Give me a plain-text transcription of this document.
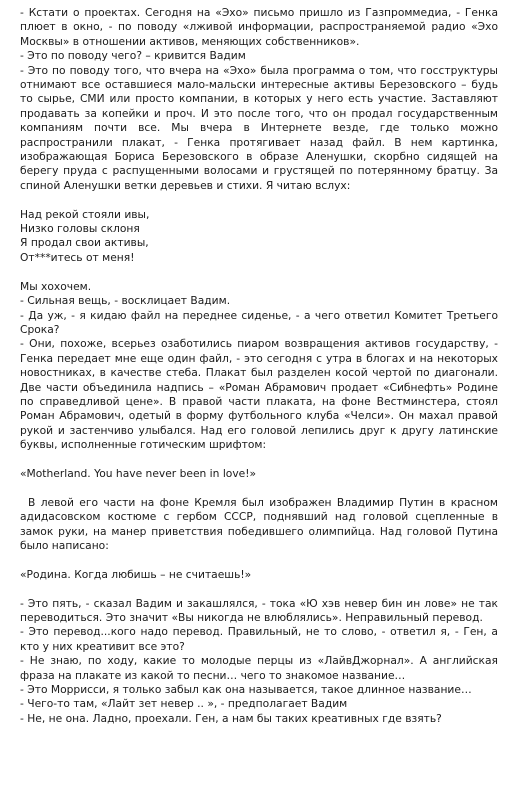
- Кстати о проектах. Сегодня на «Эхо» письмо пришло из Газпроммедиа, - Генка плюет в окно, - по поводу «лживой информации, распространяемой радио «Эхо Москвы» в отношении активов, меняющих собственников».

- Это по поводу чего? – кривится Вадим

- Это по поводу того, что вчера на «Эхо» была программа о том, что госструктуры отнимают все оставшиеся мало-мальски интересные активы Березовского – будь то сырье, СМИ или просто компании, в которых у него есть участие. Заставляют продавать за копейки и проч. И это после того, что он продал государственным компаниям почти все. Мы вчера в Интернете везде, где только можно распространили плакат, - Генка протягивает назад файл. В нем картинка, изображающая Бориса Березовского в образе Аленушки, скорбно сидящей на берегу пруда с распущенными волосами и грустящей по потерянному братцу. За спиной Аленушки ветки деревьев и стихи. Я читаю вслух:

Над рекой стояли ивы,

Низко головы склоня

Я продал свои активы,

От***итесь от меня!

Мы хохочем.

- Сильная вещь, - восклицает Вадим.

- Да уж, - я кидаю файл на переднее сиденье, - а чего ответил Комитет Третьего Срока?

- Они, похоже, всерьез озаботились пиаром возвращения активов государству, - Генка передает мне еще один файл, - это сегодня с утра в блогах и на некоторых новостниках, в качестве стеба. Плакат был разделен косой чертой по диагонали. Две части объединила надпись – «Роман Абрамович продает «Сибнефть» Родине по справедливой цене». В правой части плаката, на фоне Вестминстера, стоял Роман Абрамович, одетый в форму футбольного клуба «Челси». Он махал правой рукой и застенчиво улыбался. Над его головой лепились друг к другу латинские буквы, исполненные готическим шрифтом:

«Motherland. You have never been in love!»

В левой его части на фоне Кремля был изображен Владимир Путин в красном адидасовском костюме с гербом СССР, поднявший над головой сцепленные в замок руки, на манер приветствия победившего олимпийца. Над головой Путина было написано:

«Родина. Когда любишь – не считаешь!»

- Это пять, - сказал Вадим и закашлялся, - тока «Ю хэв невер бин ин лове» не так переводиться. Это значит «Вы никогда не влюблялись». Неправильный перевод.

- Это перевод...кого надо перевод. Правильный, не то слово, - ответил я, - Ген, а кто у них креативит все это?

- Не знаю, по ходу, какие то молодые перцы из «ЛайвДжорнал». А английская фраза на плакате из какой то песни… чего то знакомое название…

- Это Моррисси, я только забыл как она называется, такое длинное название…

- Чего-то там, «Лайт зет невер .. », - предполагает Вадим

- Не, не она. Ладно, проехали. Ген, а нам бы таких креативных где взять?
